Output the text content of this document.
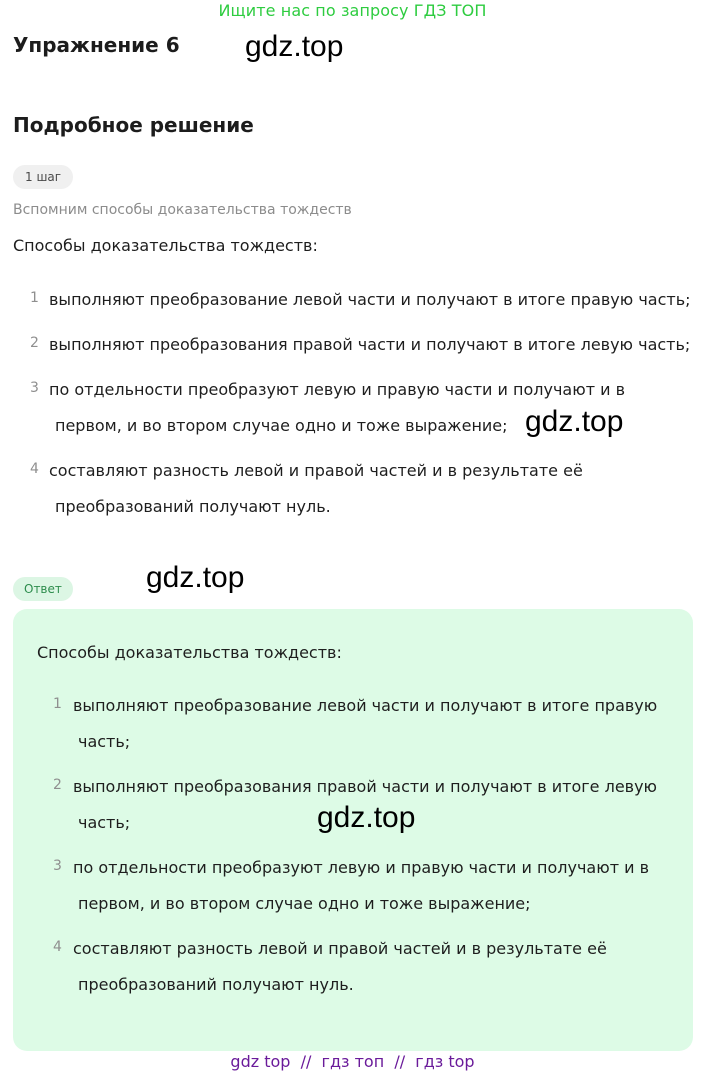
Ищите нас по запросу ГДЗ ТОП
Упражнение 6 gdz.top
Подробное решение
1 шаг
Вспомним способы доказательства тождеств
Способы доказательства тождеств:
1 выполняют преобразование левой части и получают в итоге правую часть;
2 выполняют преобразования правой части и получают в итоге левую часть;
3 по отдельности преобразуют левую и правую части и получают и в
первом, и во втором случае одно и тоже выражение;
4 составляют разность левой и правой частей и в результате её
преобразований получают нуль.
gdz.top
Ответ	gdz.top
Способы доказательства тождеств:
1 выполняют преобразование левой части и получают в итоге правую
часть;
2 выполняют преобразования правой части и получают в итоге левую
часть;
3 по отдельности преобразуют левую и правую части и получают и в
первом, и во втором случае одно и тоже выражение;
4 составляют разность левой и правой частей и в результате её
преобразований получают нуль.
gdz.top
gdz top  //  гдз топ  //  гдз top
